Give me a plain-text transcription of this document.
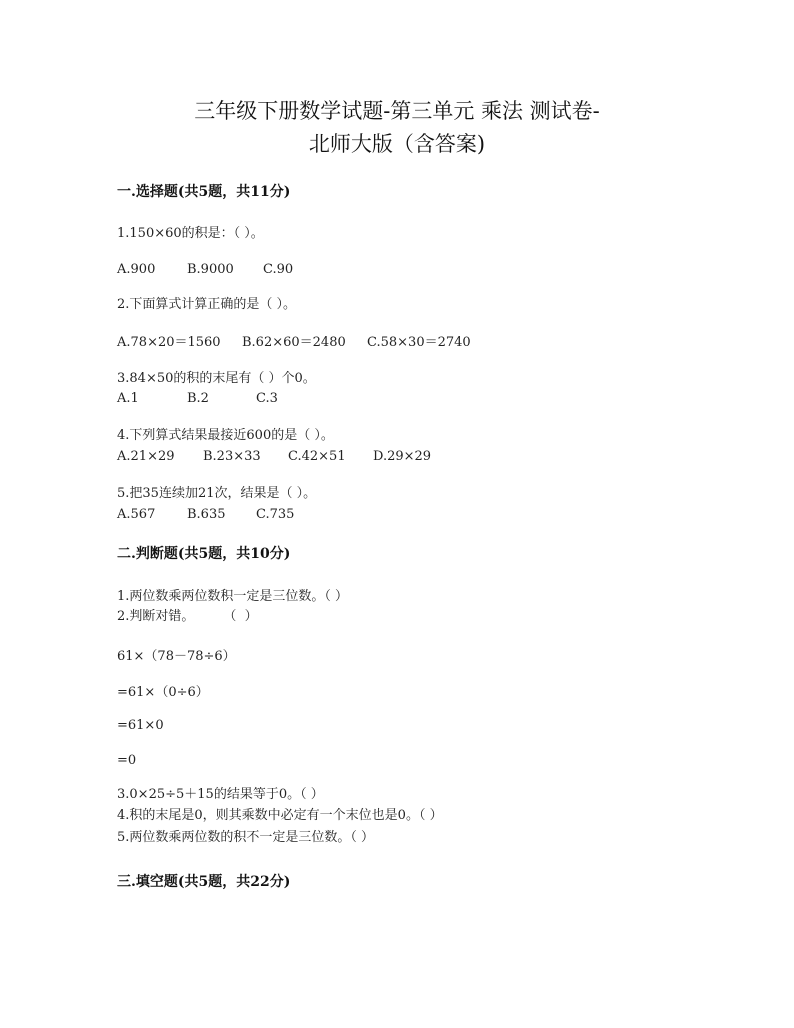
三年级下册数学试题-第三单元 乘法 测试卷-
北师大版（含答案)
一.选择题(共5题，共11分)
1.150×60的积是：（ ）。
A.900 B.9000 C.90
2.下面算式计算正确的是（ ）。
A.78×20＝1560 B.62×60＝2480 C.58×30＝2740
3.84×50的积的末尾有（ ）个0。
A.1	B.2	C.3
4.下列算式结果最接近600的是（ ）。
A.21×29 B.23×33 C.42×51 D.29×29
5.把35连续加21次，结果是（ ）。
A.567 B.635 C.735
二.判断题(共5题，共10分)
1.两位数乘两位数积一定是三位数。（ ）
2.判断对错。       （  ）
61×（78－78÷6）
=61×（0÷6）
=61×0
=0
3.0×25÷5＋15的结果等于0。（ ）
4.积的末尾是0，则其乘数中必定有一个末位也是0。（ ）
5.两位数乘两位数的积不一定是三位数。（ ）
三.填空题(共5题，共22分)
